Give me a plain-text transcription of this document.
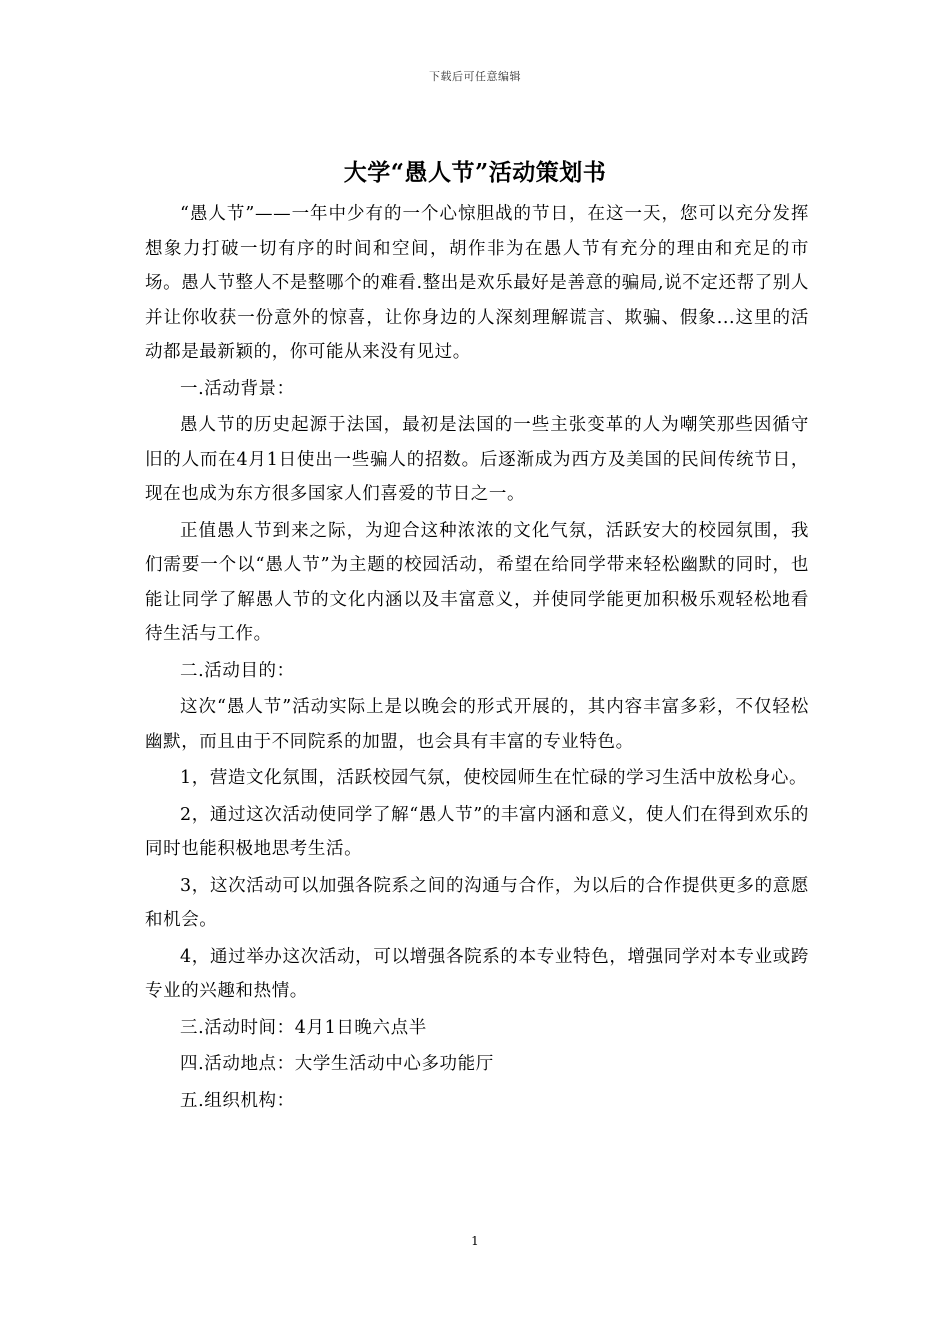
下载后可任意编辑
大学“愚人节”活动策划书

“愚人节”——一年中少有的一个心惊胆战的节日，在这一天，您可以充分发挥想象力打破一切有序的时间和空间，胡作非为在愚人节有充分的理由和充足的市场。愚人节整人不是整哪个的难看.整出是欢乐最好是善意的骗局,说不定还帮了别人并让你收获一份意外的惊喜，让你身边的人深刻理解谎言、欺骗、假象...这里的活动都是最新颖的，你可能从来没有见过。

一.活动背景：

愚人节的历史起源于法国，最初是法国的一些主张变革的人为嘲笑那些因循守旧的人而在4月1日使出一些骗人的招数。后逐渐成为西方及美国的民间传统节日，现在也成为东方很多国家人们喜爱的节日之一。

正值愚人节到来之际，为迎合这种浓浓的文化气氛，活跃安大的校园氛围，我们需要一个以“愚人节”为主题的校园活动，希望在给同学带来轻松幽默的同时，也能让同学了解愚人节的文化内涵以及丰富意义，并使同学能更加积极乐观轻松地看待生活与工作。

二.活动目的：

这次“愚人节”活动实际上是以晚会的形式开展的，其内容丰富多彩，不仅轻松幽默，而且由于不同院系的加盟，也会具有丰富的专业特色。

1，营造文化氛围，活跃校园气氛，使校园师生在忙碌的学习生活中放松身心。

2，通过这次活动使同学了解“愚人节”的丰富内涵和意义，使人们在得到欢乐的同时也能积极地思考生活。

3，这次活动可以加强各院系之间的沟通与合作，为以后的合作提供更多的意愿和机会。

4，通过举办这次活动，可以增强各院系的本专业特色，增强同学对本专业或跨专业的兴趣和热情。

三.活动时间：4月1日晚六点半

四.活动地点：大学生活动中心多功能厅

五.组织机构：

1
